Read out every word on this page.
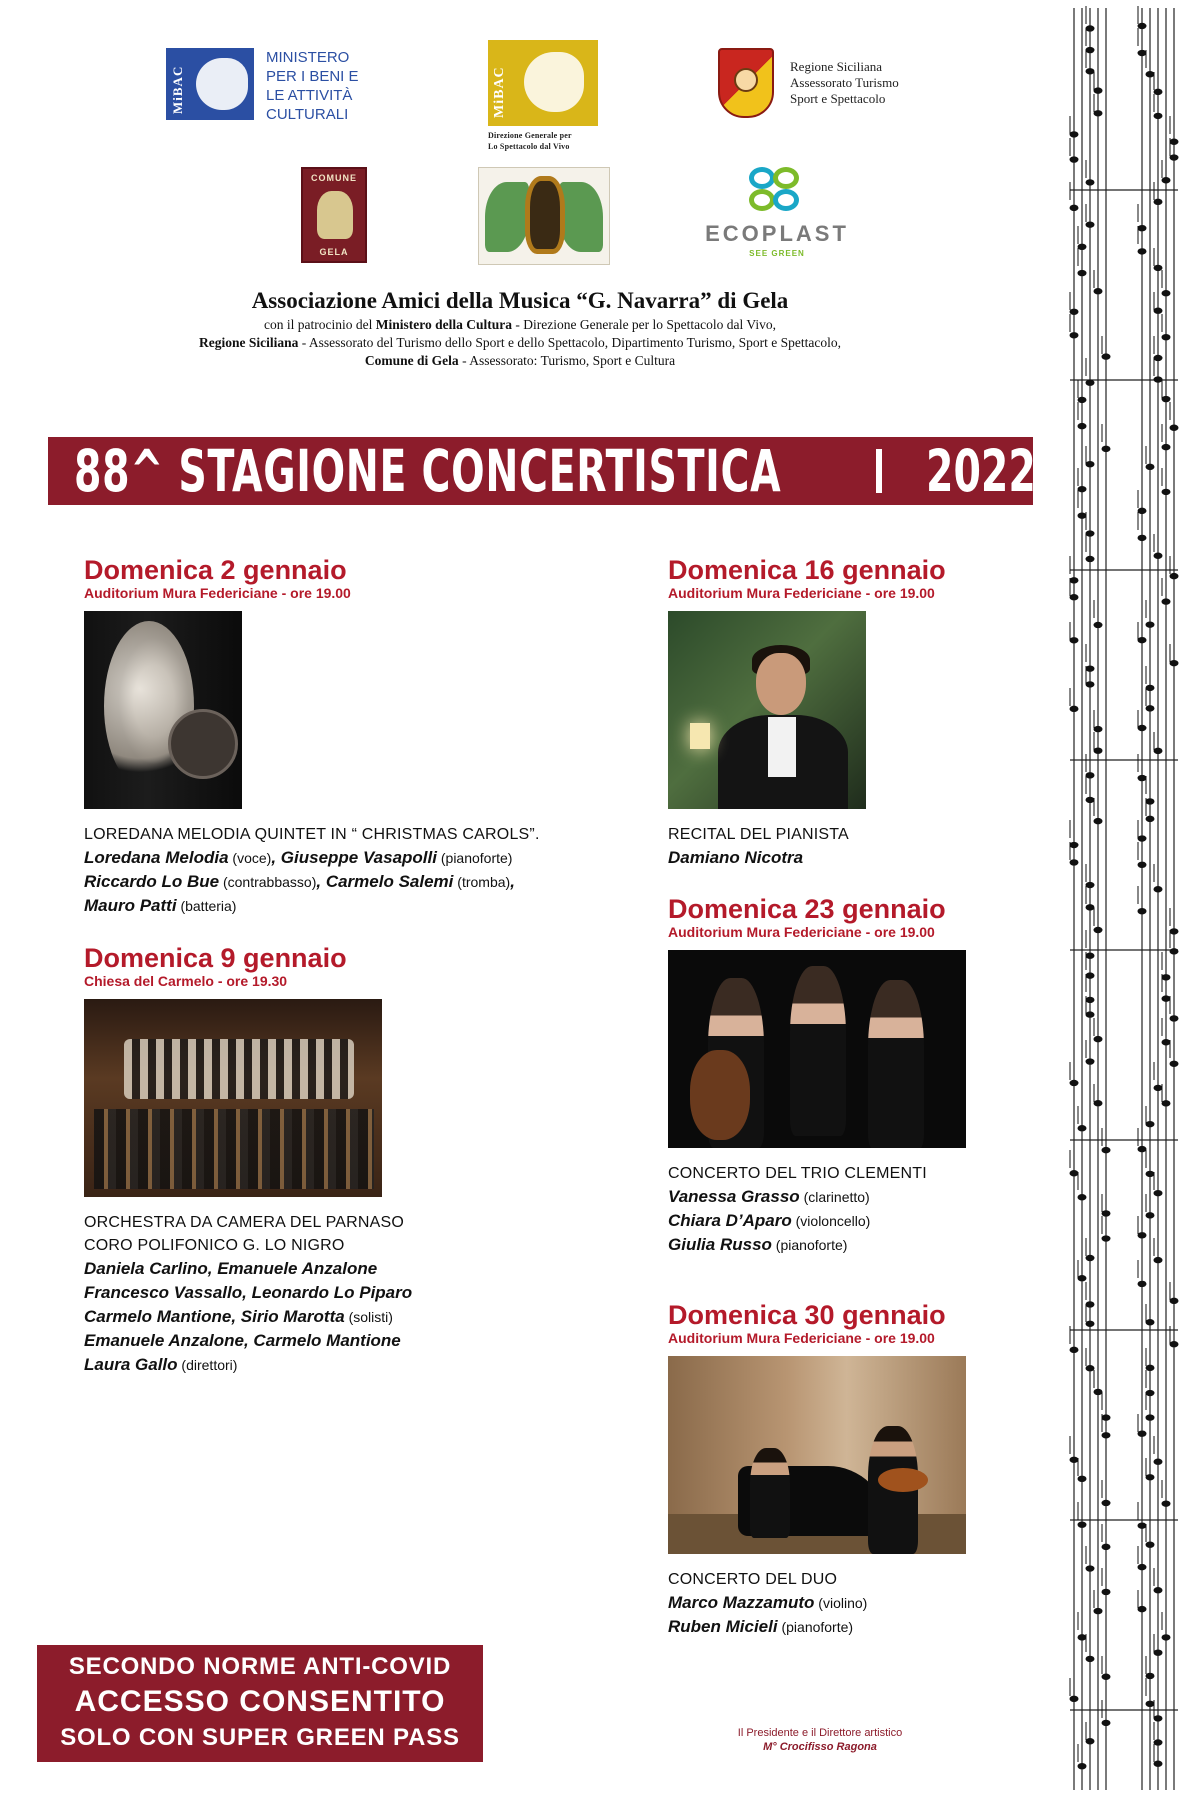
MiBAC
MINISTERO
PER I BENI E
LE ATTIVITÀ
CULTURALI	MiBAC
Direzione Generale per
Lo Spettacolo dal Vivo
Regione Siciliana
Assessorato Turismo
Sport e Spettacolo
COMUNE
GELA
ECOPLAST
SEE GREEN
Associazione Amici della Musica “G. Navarra” di Gela
con il patrocinio del Ministero della Cultura - Direzione Generale per lo Spettacolo dal Vivo,
Regione Siciliana - Assessorato del Turismo dello Sport e dello Spettacolo, Dipartimento Turismo, Sport e Spettacolo,
Comune di Gela - Assessorato: Turismo, Sport e Cultura
88^ STAGIONE CONCERTISTICA 2022
Domenica 2 gennaio
Auditorium Mura Federiciane - ore 19.00
LOREDANA MELODIA QUINTET IN “ CHRISTMAS CAROLS”.
Loredana Melodia (voce), Giuseppe Vasapolli (pianoforte)
Riccardo Lo Bue (contrabbasso), Carmelo Salemi (tromba),
Mauro Patti (batteria)
Domenica 9 gennaio
Chiesa del Carmelo - ore 19.30
ORCHESTRA DA CAMERA DEL PARNASO
CORO POLIFONICO G. LO NIGRO
Daniela Carlino, Emanuele Anzalone
Francesco Vassallo, Leonardo Lo Piparo
Carmelo Mantione, Sirio Marotta (solisti)
Emanuele Anzalone, Carmelo Mantione
Laura Gallo (direttori)
Domenica 16 gennaio
Auditorium Mura Federiciane - ore 19.00
RECITAL DEL PIANISTA
Damiano Nicotra
Domenica 23 gennaio
Auditorium Mura Federiciane - ore 19.00
CONCERTO DEL TRIO CLEMENTI
Vanessa Grasso (clarinetto)
Chiara D’Aparo (violoncello)
Giulia Russo (pianoforte)
Domenica 30 gennaio
Auditorium Mura Federiciane - ore 19.00
CONCERTO DEL DUO
Marco Mazzamuto (violino)
Ruben Micieli (pianoforte)
SECONDO NORME ANTI-COVID
ACCESSO CONSENTITO
SOLO CON SUPER GREEN PASS	Il Presidente e il Direttore artistico
M° Crocifisso Ragona
